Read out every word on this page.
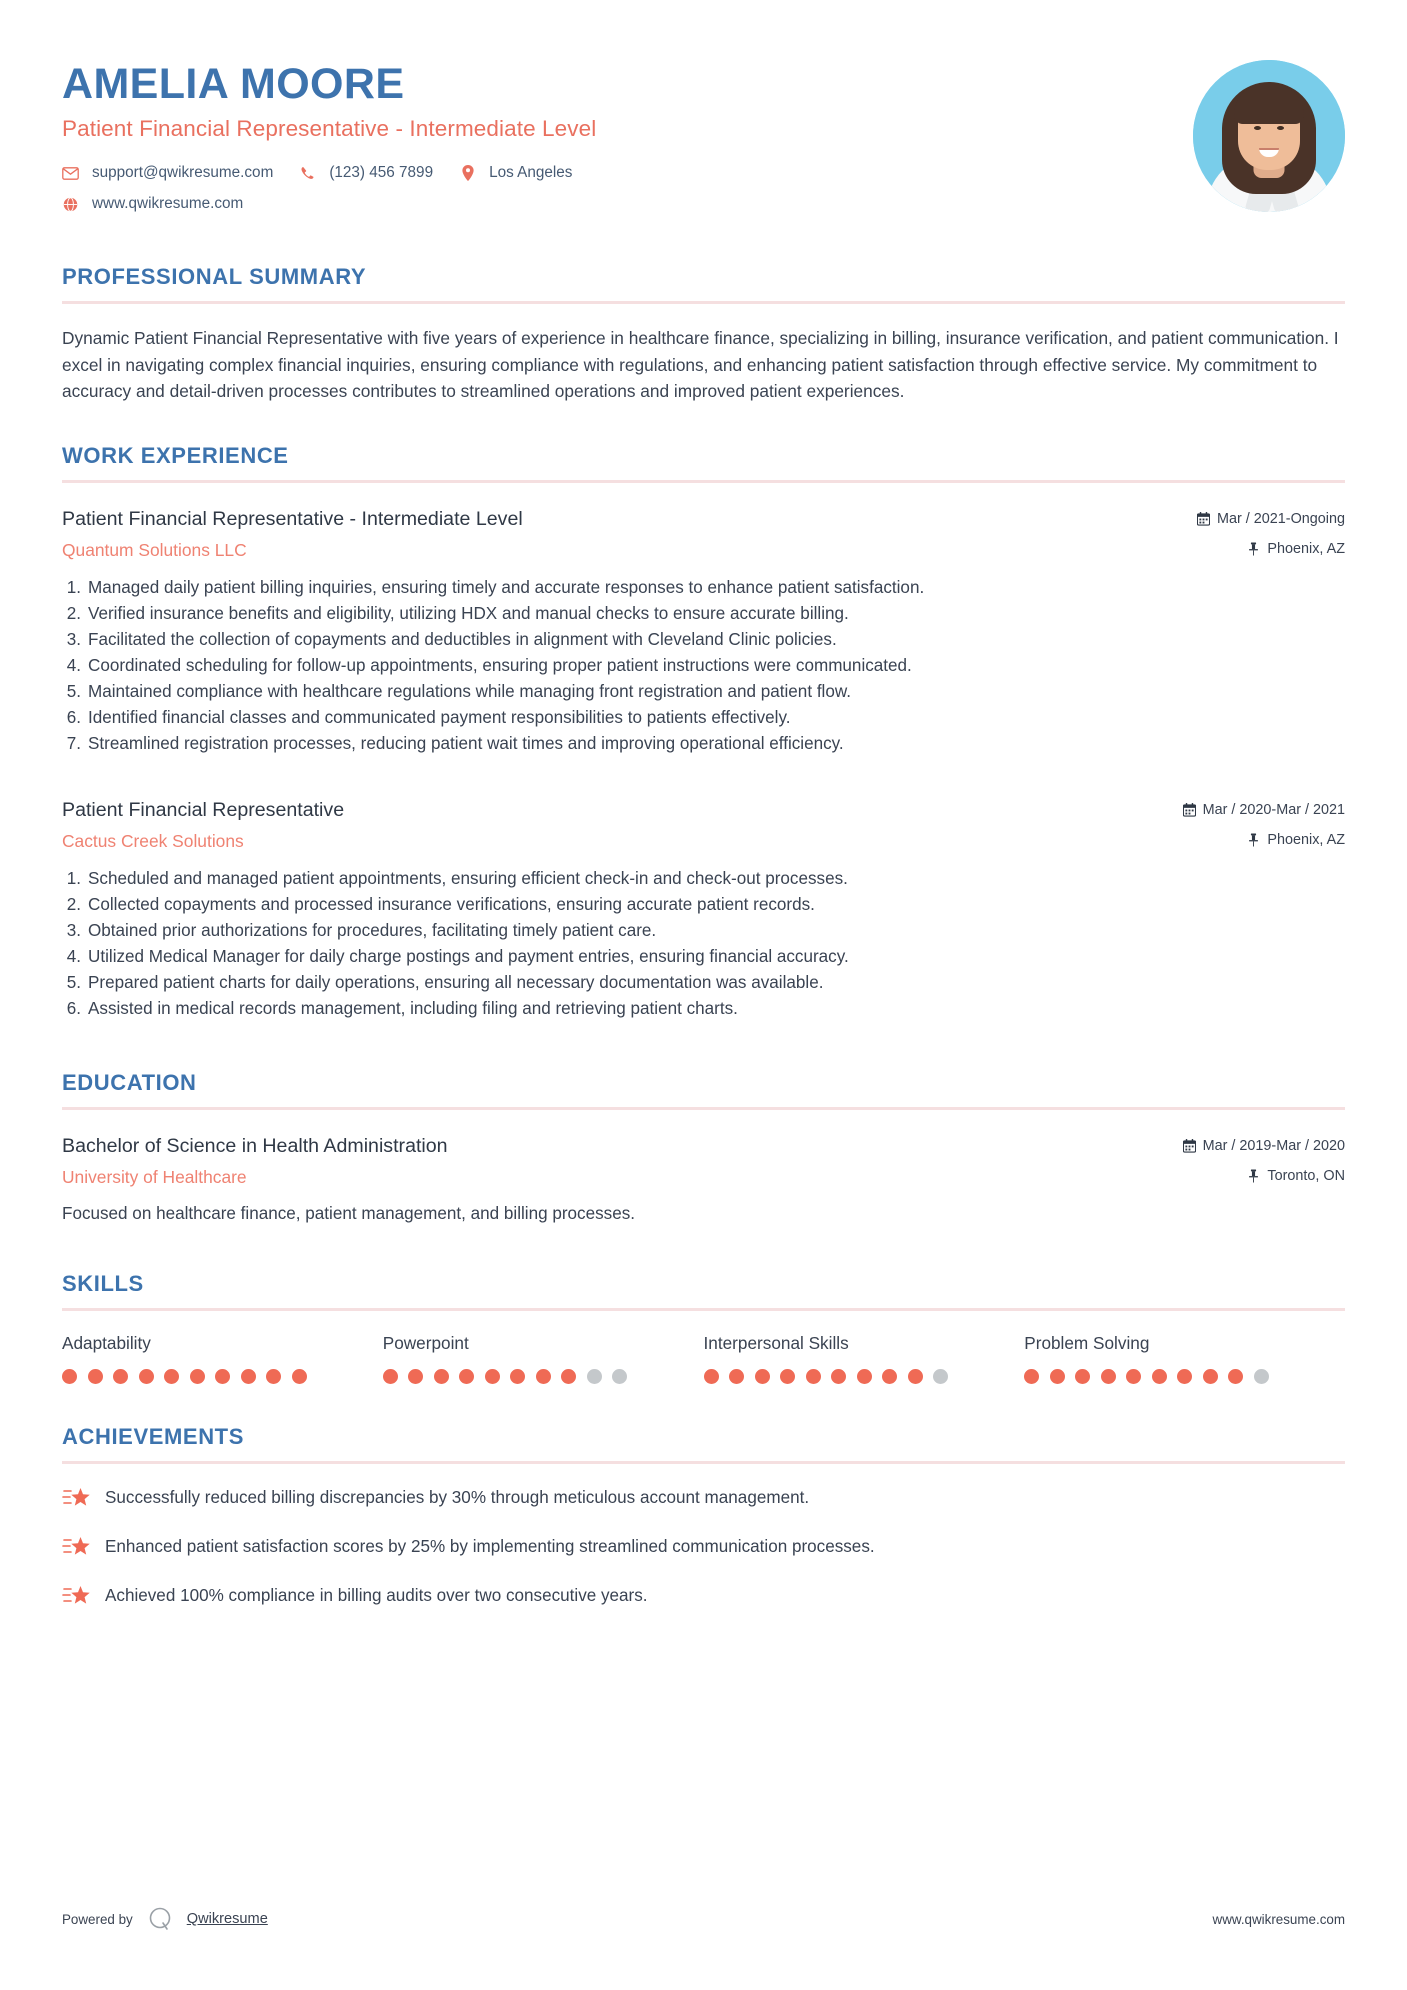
AMELIA MOORE
Patient Financial Representative - Intermediate Level
support@qwikresume.com	(123) 456 7899	Los Angeles
www.qwikresume.com
PROFESSIONAL SUMMARY
Dynamic Patient Financial Representative with five years of experience in healthcare finance, specializing in billing, insurance verification, and patient communication. I excel in navigating complex financial inquiries, ensuring compliance with regulations, and enhancing patient satisfaction through effective service. My commitment to accuracy and detail-driven processes contributes to streamlined operations and improved patient experiences.
WORK EXPERIENCE
Patient Financial Representative - Intermediate Level
Quantum Solutions LLC
Mar / 2021-Ongoing
Phoenix, AZ
1. Managed daily patient billing inquiries, ensuring timely and accurate responses to enhance patient satisfaction.
2. Verified insurance benefits and eligibility, utilizing HDX and manual checks to ensure accurate billing.
3. Facilitated the collection of copayments and deductibles in alignment with Cleveland Clinic policies.
4. Coordinated scheduling for follow-up appointments, ensuring proper patient instructions were communicated.
5. Maintained compliance with healthcare regulations while managing front registration and patient flow.
6. Identified financial classes and communicated payment responsibilities to patients effectively.
7. Streamlined registration processes, reducing patient wait times and improving operational efficiency.
Patient Financial Representative
Cactus Creek Solutions
Mar / 2020-Mar / 2021
Phoenix, AZ
1. Scheduled and managed patient appointments, ensuring efficient check-in and check-out processes.
2. Collected copayments and processed insurance verifications, ensuring accurate patient records.
3. Obtained prior authorizations for procedures, facilitating timely patient care.
4. Utilized Medical Manager for daily charge postings and payment entries, ensuring financial accuracy.
5. Prepared patient charts for daily operations, ensuring all necessary documentation was available.
6. Assisted in medical records management, including filing and retrieving patient charts.
EDUCATION
Bachelor of Science in Health Administration
University of Healthcare
Mar / 2019-Mar / 2020
Toronto, ON
Focused on healthcare finance, patient management, and billing processes.
SKILLS
Adaptability	Powerpoint	Interpersonal Skills	Problem Solving
ACHIEVEMENTS
Successfully reduced billing discrepancies by 30% through meticulous account management.
Enhanced patient satisfaction scores by 25% by implementing streamlined communication processes.
Achieved 100% compliance in billing audits over two consecutive years.
Powered by	Qwikresume	www.qwikresume.com
